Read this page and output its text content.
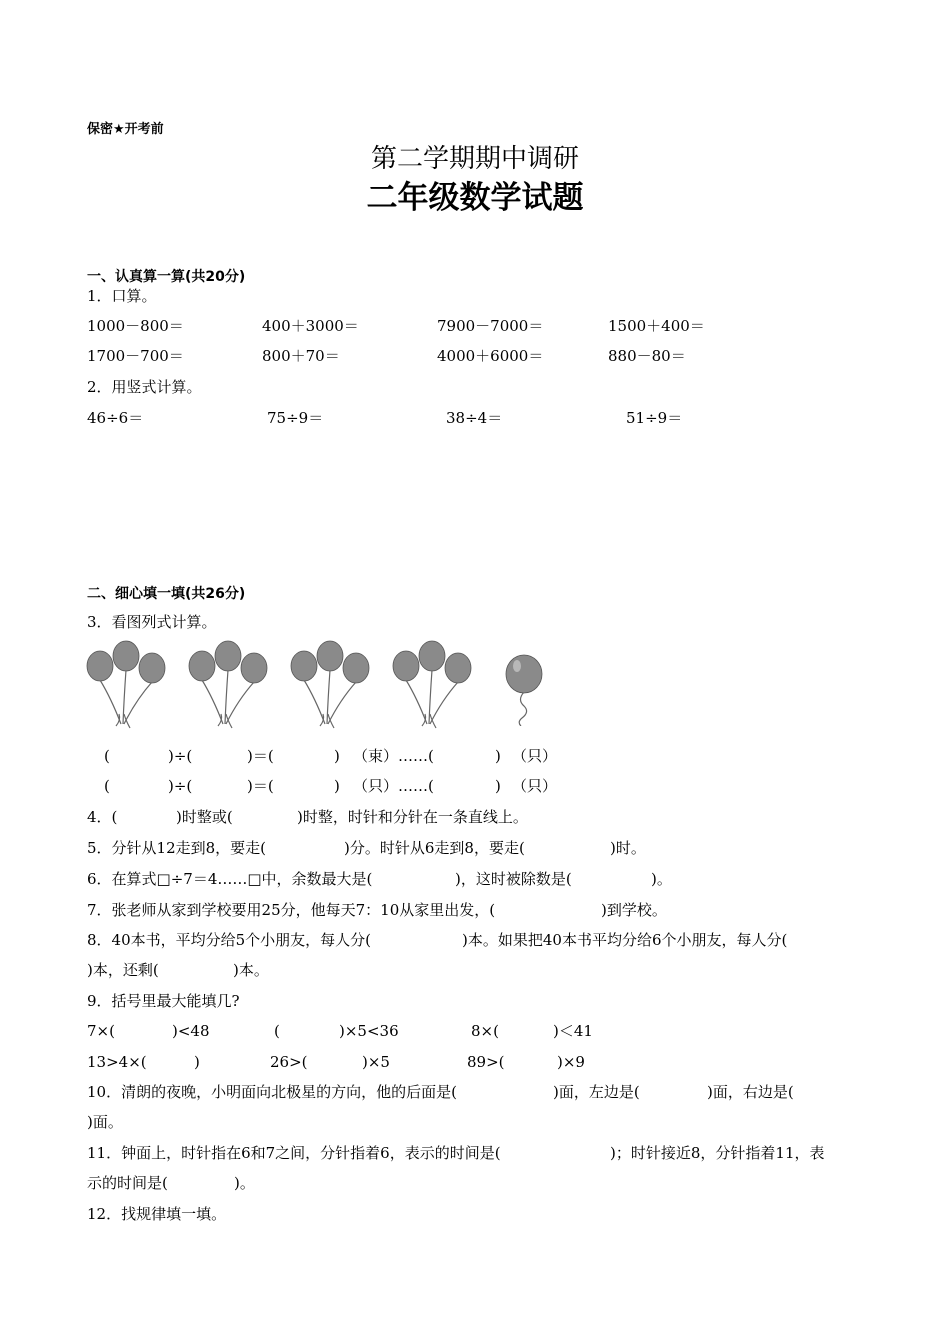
保密★开考前
第二学期期中调研
二年级数学试题
一、认真算一算(共20分)
1．口算。
1000－800＝	400＋3000＝	7900－7000＝	1500＋400＝
1700－700＝	800＋70＝	4000＋6000＝	880－80＝
2．用竖式计算。
46÷6＝	75÷9＝	38÷4＝	51÷9＝
二、细心填一填(共26分)
3．看图列式计算。
(	)÷(	)＝(	) （束）……(	) （只）
(	)÷(	)＝(	) （只）……(	) （只）
4．(	)时整或(	)时整，时针和分针在一条直线上。
5．分针从12走到8，要走(	)分。时针从6走到8，要走(	)时。
6．在算式□÷7＝4……□中，余数最大是(	)，这时被除数是(	)。
7．张老师从家到学校要用25分，他每天7：10从家里出发，(	)到学校。
8．40本书，平均分给5个小朋友，每人分(	)本。如果把40本书平均分给6个小朋友，每人分(
)本，还剩(	)本。
9．括号里最大能填几?
7×(	)<48	(	)×5<36	8×(	)＜41
13>4×(	)	26>(	)×5	89>(	)×9
10．清朗的夜晚，小明面向北极星的方向，他的后面是(	)面，左边是(	)面，右边是(
)面。
11．钟面上，时针指在6和7之间，分针指着6，表示的时间是(	)；时针接近8，分针指着11，表
示的时间是(	)。
12．找规律填一填。
